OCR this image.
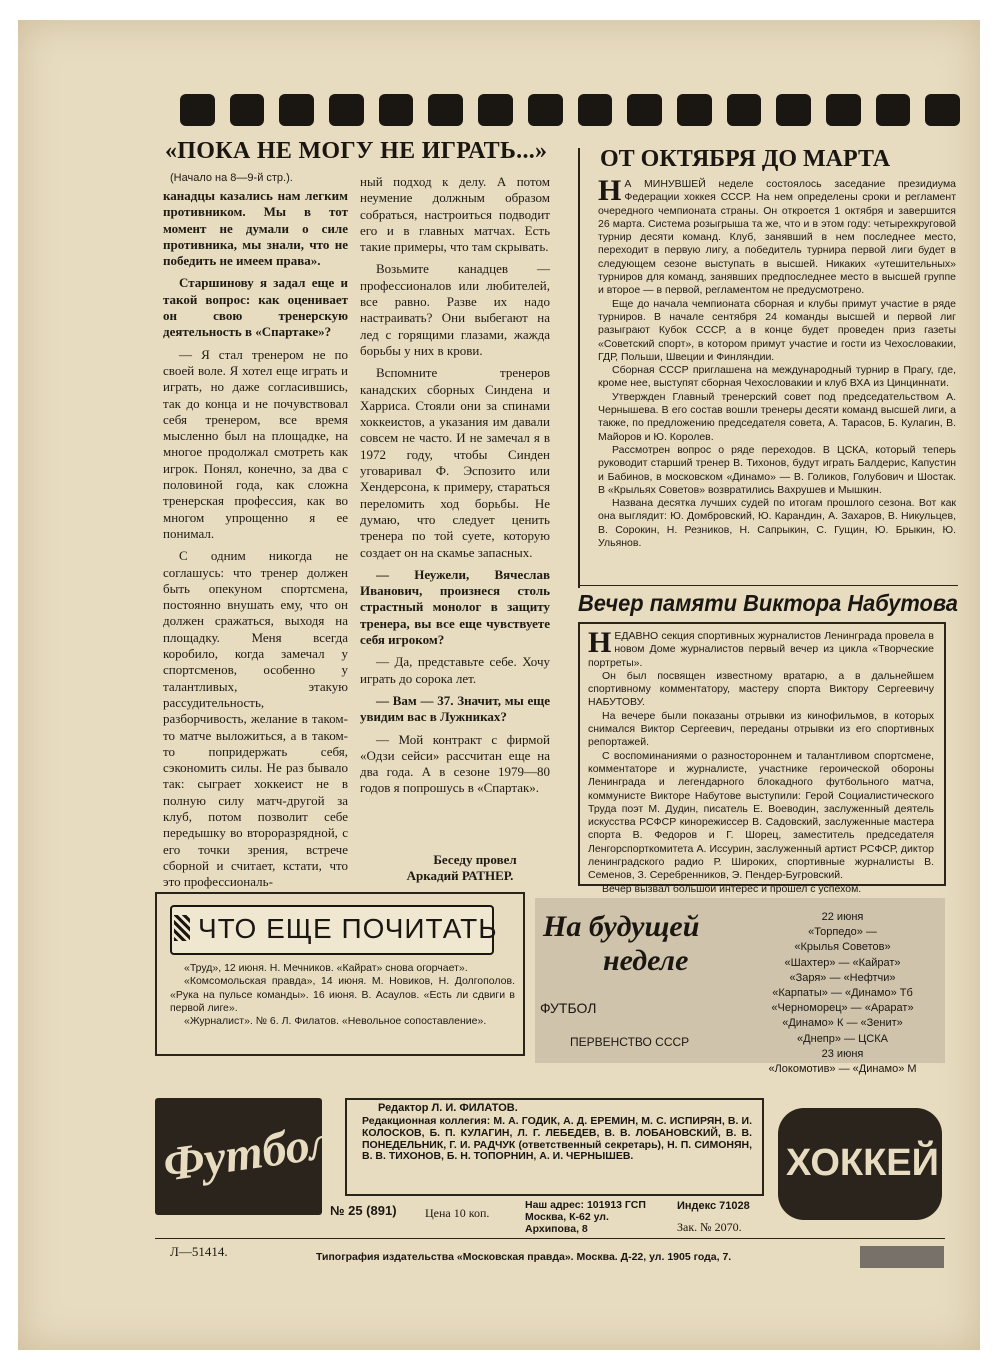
«ПОКА НЕ МОГУ НЕ ИГРАТЬ...»
(Начало на 8—9-й стр.).

канадцы казались нам легким противником. Мы в тот момент не думали о силе противника, мы знали, что не победить не имеем права».

Старшинову я задал еще и такой вопрос: как оценивает он свою тренерскую деятельность в «Спартаке»?

— Я стал тренером не по своей воле. Я хотел еще играть и играть, но даже согласившись, так до конца и не почувствовал себя тренером, все время мысленно был на площадке, на многое продолжал смотреть как игрок. Понял, конечно, за два с половиной года, как сложна тренерская профессия, как во многом упрощенно я ее понимал.

С одним никогда не соглашусь: что тренер должен быть опекуном спортсмена, постоянно внушать ему, что он должен сражаться, выходя на площадку. Меня всегда коробило, когда замечал у спортсменов, особенно у талантливых, этакую рассудительность, разборчивость, желание в таком-то матче выложиться, а в таком-то попридержать себя, сэкономить силы. Не раз бывало так: сыграет хоккеист не в полную силу матч-другой за клуб, потом позволит себе передышку во второразрядной, с его точки зрения, встрече сборной и считает, кстати, что это профессиональ-

ный подход к делу. А потом неумение должным образом собраться, настроиться подводит его и в главных матчах. Есть такие примеры, что там скрывать.

Возьмите канадцев — профессионалов или любителей, все равно. Разве их надо настраивать? Они выбегают на лед с горящими глазами, жажда борьбы у них в крови.

Вспомните тренеров канадских сборных Синдена и Харриса. Стояли они за спинами хоккеистов, а указания им давали совсем не часто. И не замечал я в 1972 году, чтобы Синден уговаривал Ф. Эспозито или Хендерсона, к примеру, стараться переломить ход борьбы. Не думаю, что следует ценить тренера по той суете, которую создает он на скамье запасных.

— Неужели, Вячеслав Иванович, произнеся столь страстный монолог в защиту тренера, вы все еще чувствуете себя игроком?

— Да, представьте себе. Хочу играть до сорока лет.

— Вам — 37. Значит, мы еще увидим вас в Лужниках?

— Мой контракт с фирмой «Одзи сейси» рассчитан еще на два года. А в сезоне 1979—80 годов я попрошусь в «Спартак».

Беседу провел
Аркадий РАТНЕР.
ОТ ОКТЯБРЯ ДО МАРТА
Н А МИНУВШЕЙ неделе состоялось заседание президиума Федерации хоккея СССР. На нем определены сроки и регламент очередного чемпионата страны. Он откроется 1 октября и завершится 26 марта. Система розыгрыша та же, что и в этом году: четырехкруговой турнир десяти команд. Клуб, занявший в нем последнее место, переходит в первую лигу, а победитель турнира первой лиги будет в следующем сезоне выступать в высшей. Никаких «утешительных» турниров для команд, занявших предпоследнее место в высшей группе и второе — в первой, регламентом не предусмотрено.

Еще до начала чемпионата сборная и клубы примут участие в ряде турниров. В начале сентября 24 команды высшей и первой лиг разыграют Кубок СССР, а в конце будет проведен приз газеты «Советский спорт», в котором примут участие и гости из Чехословакии, ГДР, Польши, Швеции и Финляндии.

Сборная СССР приглашена на международный турнир в Прагу, где, кроме нее, выступят сборная Чехословакии и клуб ВХА из Цинциннати.

Утвержден Главный тренерский совет под председательством А. Чернышева. В его состав вошли тренеры десяти команд высшей лиги, а также, по предложению председателя совета, А. Тарасов, Б. Кулагин, В. Майоров и Ю. Королев.

Рассмотрен вопрос о ряде переходов. В ЦСКА, который теперь руководит старший тренер В. Тихонов, будут играть Балдерис, Капустин и Бабинов, в московском «Динамо» — В. Голиков, Голубович и Шостак. В «Крыльях Советов» возвратились Вахрушев и Мышкин.

Названа десятка лучших судей по итогам прошлого сезона. Вот как она выглядит: Ю. Домбровский, Ю. Карандин, А. Захаров, В. Никульцев, В. Сорокин, Н. Резников, Н. Сапрыкин, С. Гущин, Ю. Брыкин, Ю. Ульянов.

Вечер памяти Виктора Набутова
Н ЕДАВНО секция спортивных журналистов Ленинграда провела в новом Доме журналистов первый вечер из цикла «Творческие портреты».

Он был посвящен известному вратарю, а в дальнейшем спортивному комментатору, мастеру спорта Виктору Сергеевичу НАБУТОВУ.

На вечере были показаны отрывки из кинофильмов, в которых снимался Виктор Сергеевич, переданы отрывки из его спортивных репортажей.

С воспоминаниями о разностороннем и талантливом спортсмене, комментаторе и журналисте, участнике героической обороны Ленинграда и легендарного блокадного футбольного матча, коммунисте Викторе Набутове выступили: Герой Социалистического Труда поэт М. Дудин, писатель Е. Воеводин, заслуженный деятель искусства РСФСР кинорежиссер В. Садовский, заслуженные мастера спорта В. Федоров и Г. Шорец, заместитель председателя Ленгорспорткомитета А. Иссурин, заслуженный артист РСФСР, диктор ленинградского радио Р. Широких, спортивные журналисты В. Семенов, З. Серебренников, Э. Пендер-Бугровский.

Вечер вызвал большой интерес и прошел с успехом.

ЧТО ЕЩЕ ПОЧИТАТЬ

«Труд», 12 июня. Н. Мечников. «Кайрат» снова огорчает».

«Комсомольская правда», 14 июня. М. Новиков, Н. Долгополов. «Рука на пульсе команды». 16 июня. В. Асаулов. «Есть ли сдвиги в первой лиге».

«Журналист». № 6. Л. Филатов. «Невольное сопоставление».

На будущей
неделе
ФУТБОЛ
ПЕРВЕНСТВО СССР
22 июня
«Торпедо» —
«Крылья Советов»
«Шахтер» — «Кайрат»
«Заря» — «Нефтчи»
«Карпаты» — «Динамо» Тб
«Черноморец» — «Арарат»
«Динамо» К — «Зенит»
«Днепр» — ЦСКА
23 июня
«Локомотив» — «Динамо» М
Футбол
Редактор Л. И. ФИЛАТОВ.
Редакционная коллегия: М. А. ГОДИК, А. Д. ЕРЕМИН, М. С. ИСПИРЯН, В. И. КОЛОСКОВ, Б. П. КУЛАГИН, Л. Г. ЛЕБЕДЕВ, В. В. ЛОБАНОВСКИЙ, В. В. ПОНЕДЕЛЬНИК, Г. И. РАДЧУК (ответственный секретарь), Н. П. СИМОНЯН, В. В. ТИХОНОВ, Б. Н. ТОПОРНИН, А. И. ЧЕРНЫШЕВ.	ХОККЕЙ
№ 25 (891) Цена 10 коп.
Наш адрес: 101913 ГСП Москва, К-62 ул. Архипова, 8
Индекс 71028
Зак. № 2070.
Л—51414.	Типография издательства «Московская правда». Москва. Д-22, ул. 1905 года, 7.
